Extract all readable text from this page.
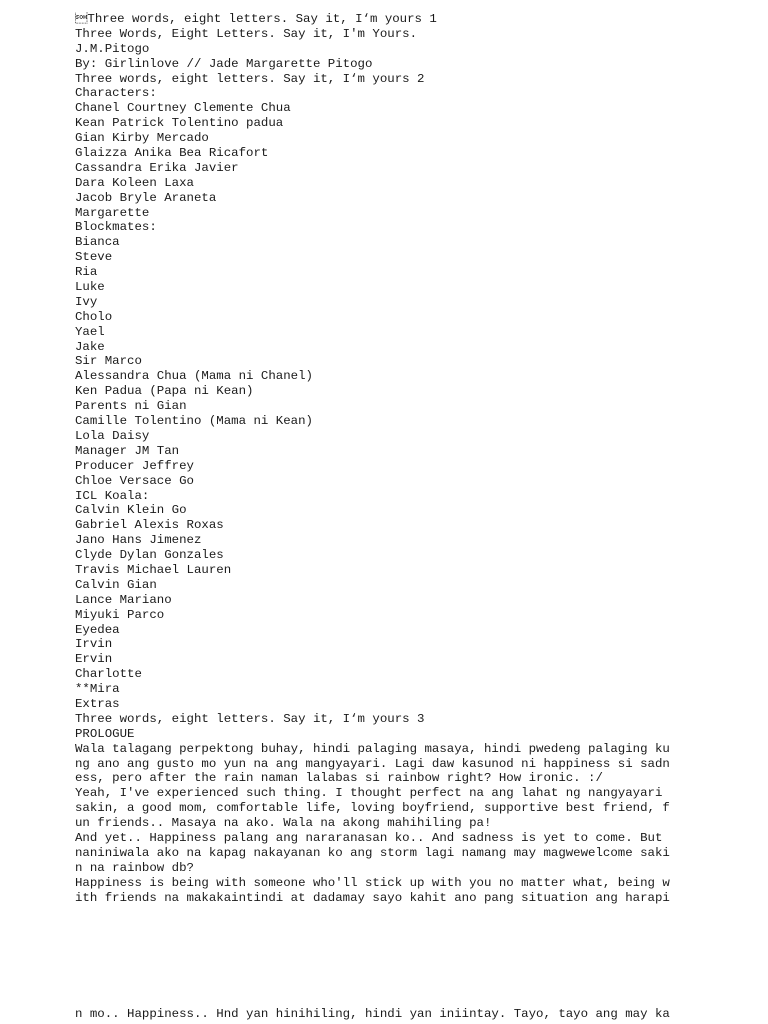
Three words, eight letters. Say it, I‘m yours 1
Three Words, Eight Letters. Say it, I'm Yours.
J.M.Pitogo
By: Girlinlove // Jade Margarette Pitogo
Three words, eight letters. Say it, I‘m yours 2
Characters:
Chanel Courtney Clemente Chua
Kean Patrick Tolentino padua
Gian Kirby Mercado
Glaizza Anika Bea Ricafort
Cassandra Erika Javier
Dara Koleen Laxa
Jacob Bryle Araneta
Margarette
Blockmates:
Bianca
Steve
Ria
Luke
Ivy
Cholo
Yael
Jake
Sir Marco
Alessandra Chua (Mama ni Chanel)
Ken Padua (Papa ni Kean)
Parents ni Gian
Camille Tolentino (Mama ni Kean)
Lola Daisy
Manager JM Tan
Producer Jeffrey
Chloe Versace Go
ICL Koala:
Calvin Klein Go
Gabriel Alexis Roxas
Jano Hans Jimenez
Clyde Dylan Gonzales
Travis Michael Lauren
Calvin Gian
Lance Mariano
Miyuki Parco
Eyedea
Irvin
Ervin
Charlotte
**Mira
Extras
Three words, eight letters. Say it, I‘m yours 3
PROLOGUE
Wala talagang perpektong buhay, hindi palaging masaya, hindi pwedeng palaging ku
ng ano ang gusto mo yun na ang mangyayari. Lagi daw kasunod ni happiness si sadn
ess, pero after the rain naman lalabas si rainbow right? How ironic. :/
Yeah, I've experienced such thing. I thought perfect na ang lahat ng nangyayari
sakin, a good mom, comfortable life, loving boyfriend, supportive best friend, f
un friends.. Masaya na ako. Wala na akong mahihiling pa!
And yet.. Happiness palang ang nararanasan ko.. And sadness is yet to come. But
naniniwala ako na kapag nakayanan ko ang storm lagi namang may magwewelcome saki
n na rainbow db?
Happiness is being with someone who'll stick up with you no matter what, being w
ith friends na makakaintindi at dadamay sayo kahit ano pang situation ang harapi
n mo.. Happiness.. Hnd yan hinihiling, hindi yan iniintay. Tayo, tayo ang may ka
